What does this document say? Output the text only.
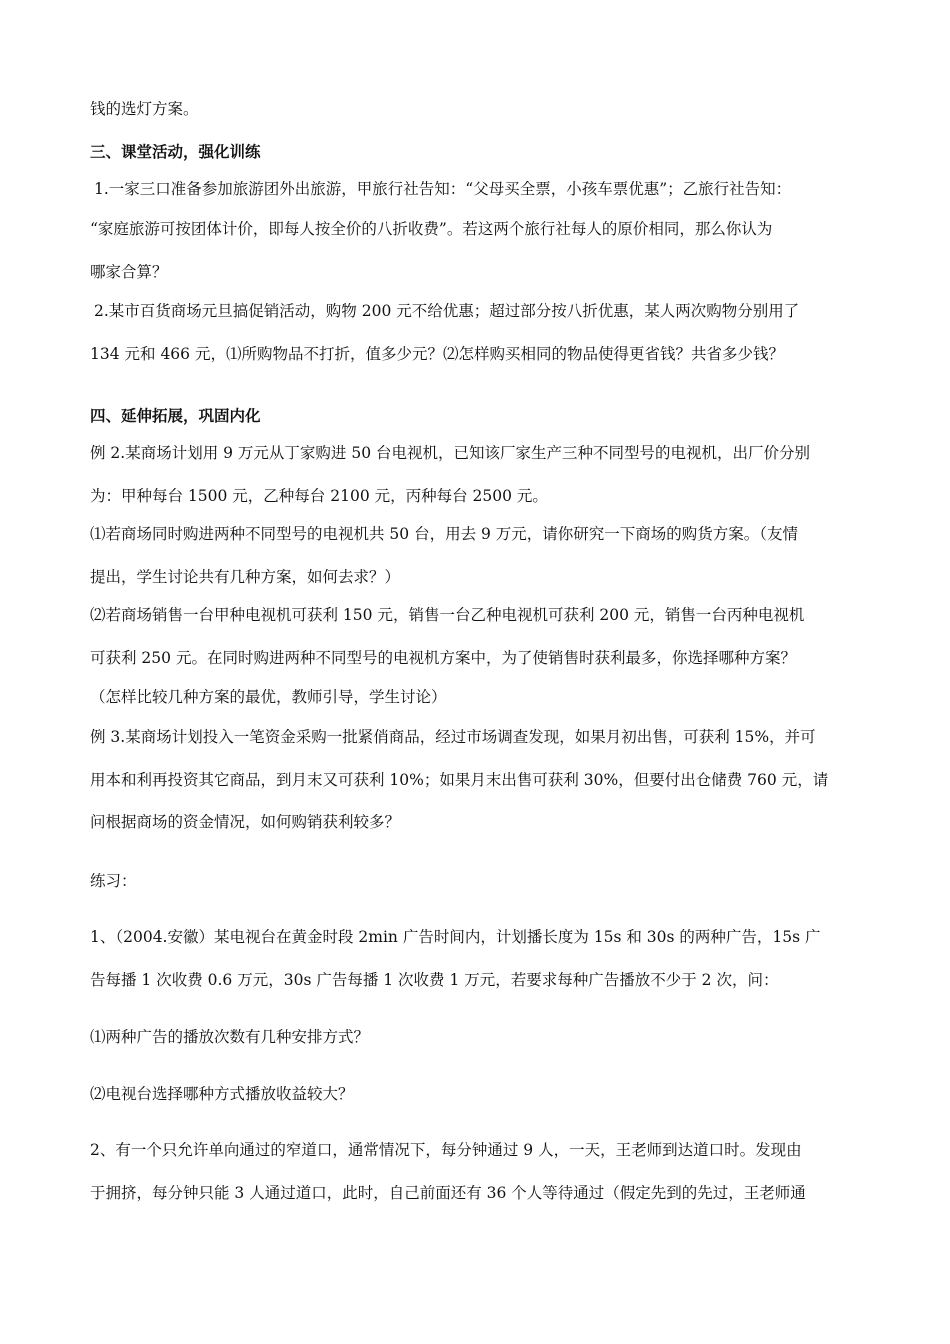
钱的选灯方案。
三、课堂活动，强化训练
1.一家三口准备参加旅游团外出旅游，甲旅行社告知：“父母买全票，小孩车票优惠”；乙旅行社告知：
“家庭旅游可按团体计价，即每人按全价的八折收费”。若这两个旅行社每人的原价相同，那么你认为
哪家合算？
2.某市百货商场元旦搞促销活动，购物 200 元不给优惠；超过部分按八折优惠，某人两次购物分别用了
134 元和 466 元，⑴所购物品不打折，值多少元？⑵怎样购买相同的物品使得更省钱？共省多少钱？
四、延伸拓展，巩固内化
例 2.某商场计划用 9 万元从丁家购进 50 台电视机，已知该厂家生产三种不同型号的电视机，出厂价分别
为：甲种每台 1500 元，乙种每台 2100 元，丙种每台 2500 元。
⑴若商场同时购进两种不同型号的电视机共 50 台，用去 9 万元，请你研究一下商场的购货方案。（友情
提出，学生讨论共有几种方案，如何去求？）
⑵若商场销售一台甲种电视机可获利 150 元，销售一台乙种电视机可获利 200 元，销售一台丙种电视机
可获利 250 元。在同时购进两种不同型号的电视机方案中，为了使销售时获利最多，你选择哪种方案？
（怎样比较几种方案的最优，教师引导，学生讨论）
例 3.某商场计划投入一笔资金采购一批紧俏商品，经过市场调查发现，如果月初出售，可获利 15%，并可
用本和利再投资其它商品，到月末又可获利 10%；如果月末出售可获利 30%，但要付出仓储费 760 元，请
问根据商场的资金情况，如何购销获利较多？
练习：
1、（2004.安徽）某电视台在黄金时段 2min 广告时间内，计划播长度为 15s 和 30s 的两种广告，15s 广
告每播 1 次收费 0.6 万元，30s 广告每播 1 次收费 1 万元，若要求每种广告播放不少于 2 次，问：
⑴两种广告的播放次数有几种安排方式？
⑵电视台选择哪种方式播放收益较大？
2、有一个只允许单向通过的窄道口，通常情况下，每分钟通过 9 人，一天，王老师到达道口时。发现由
于拥挤，每分钟只能 3 人通过道口，此时，自己前面还有 36 个人等待通过（假定先到的先过，王老师通
